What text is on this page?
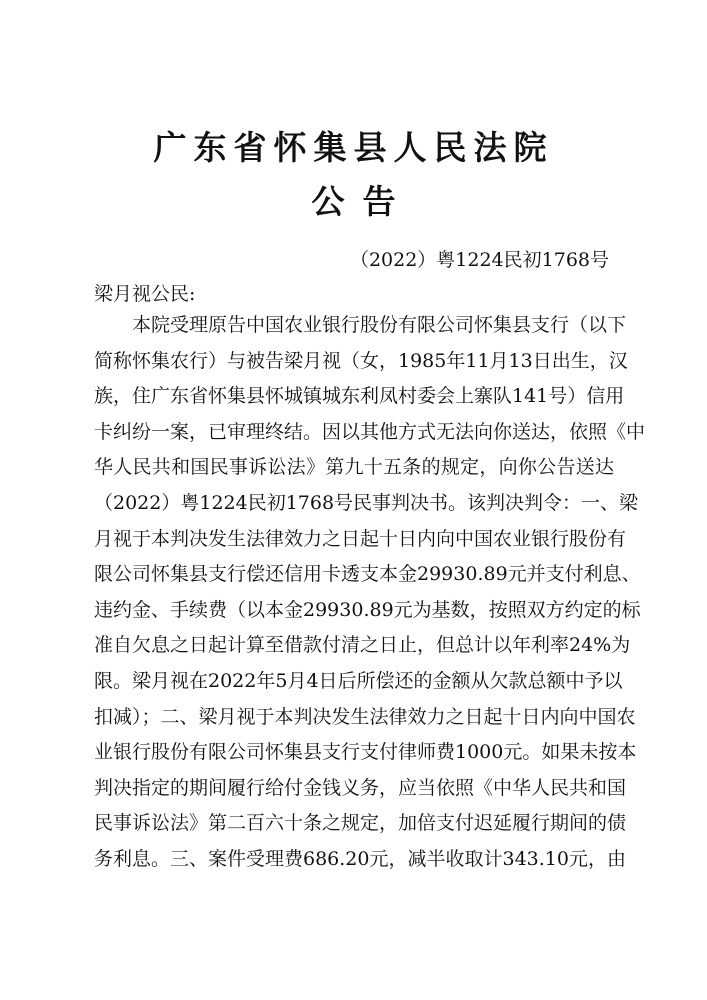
广东省怀集县人民法院
公告
（2022）粤1224民初1768号
梁月视公民:
本院受理原告中国农业银行股份有限公司怀集县支行（以下
简称怀集农行）与被告梁月视（女，1985年11月13日出生，汉
族，住广东省怀集县怀城镇城东利凤村委会上寨队141号）信用
卡纠纷一案，已审理终结。因以其他方式无法向你送达，依照《中
华人民共和国民事诉讼法》第九十五条的规定，向你公告送达
（2022）粤1224民初1768号民事判决书。该判决判令：一、梁
月视于本判决发生法律效力之日起十日内向中国农业银行股份有
限公司怀集县支行偿还信用卡透支本金29930.89元并支付利息、
违约金、手续费（以本金29930.89元为基数，按照双方约定的标
准自欠息之日起计算至借款付清之日止，但总计以年利率24%为
限。梁月视在2022年5月4日后所偿还的金额从欠款总额中予以
扣减）；二、梁月视于本判决发生法律效力之日起十日内向中国农
业银行股份有限公司怀集县支行支付律师费1000元。如果未按本
判决指定的期间履行给付金钱义务，应当依照《中华人民共和国
民事诉讼法》第二百六十条之规定，加倍支付迟延履行期间的债
务利息。三、案件受理费686.20元，减半收取计343.10元，由
